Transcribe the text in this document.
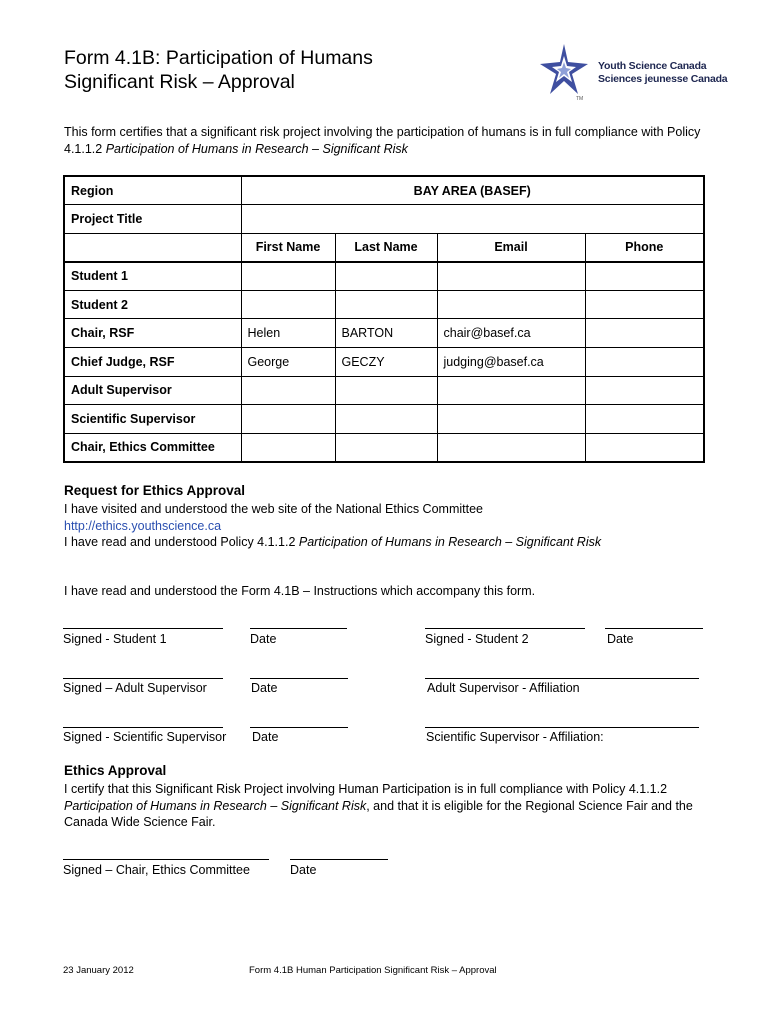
Form 4.1B: Participation of Humans
Significant Risk – Approval
Youth Science Canada
Sciences jeunesse Canada
TM
This form certifies that a significant risk project involving the participation of humans is in full compliance with Policy 4.1.1.2 Participation of Humans in Research – Significant Risk
Region	BAY AREA (BASEF)			
Project Title				
	First Name	Last Name	Email	Phone
Student 1				
Student 2				
Chair, RSF	Helen	BARTON	chair@basef.ca	
Chief Judge, RSF	George	GECZY	judging@basef.ca	
Adult Supervisor				
Scientific Supervisor				
Chair, Ethics Committee				
Request for Ethics Approval
I have visited and understood the web site of the National Ethics Committee
http://ethics.youthscience.ca
I have read and understood Policy 4.1.1.2 Participation of Humans in Research – Significant Risk
I have read and understood the Form 4.1B – Instructions which accompany this form.
Signed - Student 1	Date	Signed - Student 2	Date
Signed – Adult Supervisor	Date	Adult Supervisor - Affiliation
Signed - Scientific Supervisor Date	Scientific Supervisor - Affiliation:
Ethics Approval
I certify that this Significant Risk Project involving Human Participation is in full compliance with Policy 4.1.1.2 Participation of Humans in Research – Significant Risk, and that it is eligible for the Regional Science Fair and the Canada Wide Science Fair.
Signed – Chair, Ethics Committee	Date
23 January 2012	Form 4.1B Human Participation Significant Risk – Approval
